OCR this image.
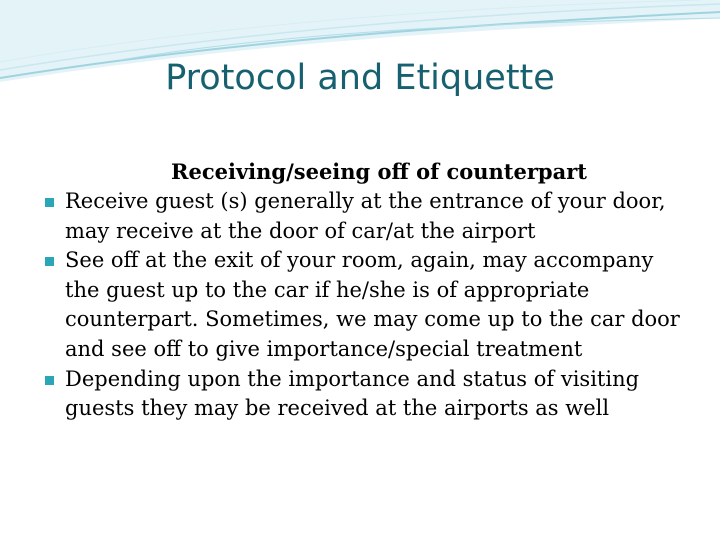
Protocol and Etiquette

Receiving/seeing off of counterpart

Receive guest (s) generally at the entrance of your door, may receive at the door of car/at the airport
See off at the exit of your room, again, may accompany the guest up to the car if he/she is of appropriate counterpart. Sometimes, we may come up to the car door and see off to give importance/special treatment
Depending upon the importance and status of visiting guests they may be received at the airports as well
